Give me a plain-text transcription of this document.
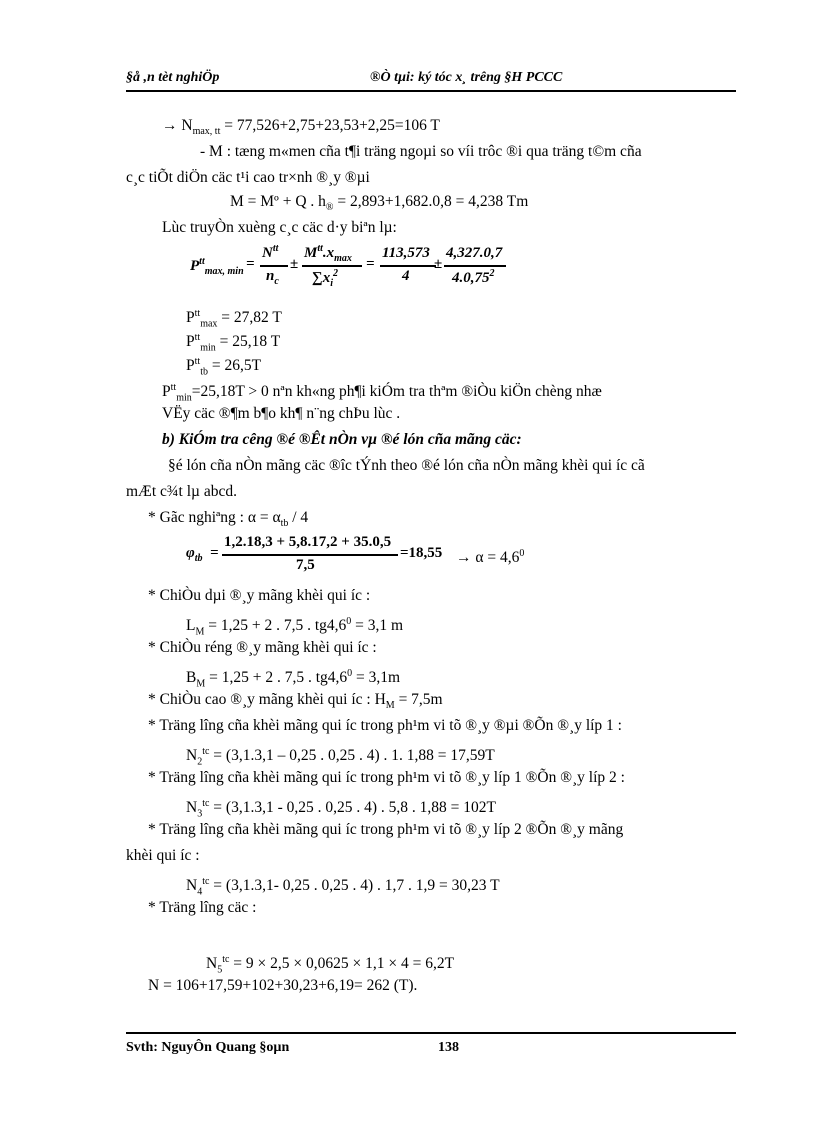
§å ,n tèt nghiÖp	®Ò tµi: ký tóc x¸ trêng §H PCCC
→ $N_{max, tt} = 77,526+2,75+23,53+2,25=106$ T
- M : tæng m«men cña t¶i träng ngoµi so víi trôc ®i qua träng t©m cña
c¸c tiÕt diÖn cäc t¹i cao tr×nh ®¸y ®µi
M = Mº + Q . $h_® = 2,893+1,682.0,8 = 4,238$ Tm
Lùc truyÒn xuèng c¸c cäc d·y biªn lµ:
$P^{tt}_{max, min}$ =
$N^{tt}$
$n_c$
±
$M^{tt}.x_{max}$
$\sum x_i^2$
=
113,573
4
±
4,327.0,7
4.0,75$^2$
$P^{tt}_{max} = 27,82$ T
$P^{tt}_{min} = 25,18$ T
$P^{tt}_{tb} = 26,5T$
$P^{tt}_{min}=25,18T > 0$ nªn kh«ng ph¶i kiÓm tra thªm ®iÒu kiÖn chèng nhæ
VËy cäc ®¶m b¶o kh¶ n¨ng chÞu lùc .
b) KiÓm tra cêng ®é ®Êt nÒn vµ ®é lón cña mãng cäc:
§é lón cña nÒn mãng cäc ®îc tÝnh theo ®é lón cña nÒn mãng khèi qui íc cã
mÆt c¾t lµ abcd.
* Gãc nghiªng : $\alpha = \alpha_{tb} / 4$
$\varphi_{tb}$ =
1,2.18,3 + 5,8.17,2 + 35.0,5
7,5
$=18,55 \to \alpha = 4,6^0$
* ChiÒu dµi ®¸y mãng khèi qui íc :
$L_M = 1,25 + 2$ . 7,5 . $tg4,6^0 = 3,1$ m
* ChiÒu réng ®¸y mãng khèi qui íc :
$B_M = 1,25 + 2$ . 7,5 . $tg4,6^0 = 3,1m$
* ChiÒu cao ®¸y mãng khèi qui íc : $H_M = 7,5m$
* Träng lîng cña khèi mãng qui íc trong ph¹m vi tõ ®¸y ®µi ®Õn ®¸y líp 1 :
$N_2^{tc} = (3,1.3,1 - 0,25$ . 0,25 . 4) . 1. 1,88 = 17,59T
* Träng lîng cña khèi mãng qui íc trong ph¹m vi tõ ®¸y líp 1 ®Õn ®¸y líp 2 :
$N_3^{tc} = (3,1.3,1 - 0,25$ . 0,25 . 4) . 5,8 . 1,88 = 102T
* Träng lîng cña khèi mãng qui íc trong ph¹m vi tõ ®¸y líp 2 ®Õn ®¸y mãng
khèi qui íc :
$N_4^{tc} = (3,1.3,1-$ 0,25 . 0,25 . 4) . 1,7 . 1,9 = 30,23 T
* Träng lîng cäc :
$N_5^{tc} = 9 \times 2,5 \times 0,0625 \times 1,1 \times 4 = 6,2T$
N = 106+17,59+102+30,23+6,19= 262 (T).
Svth: NguyÔn Quang §oµn	138
